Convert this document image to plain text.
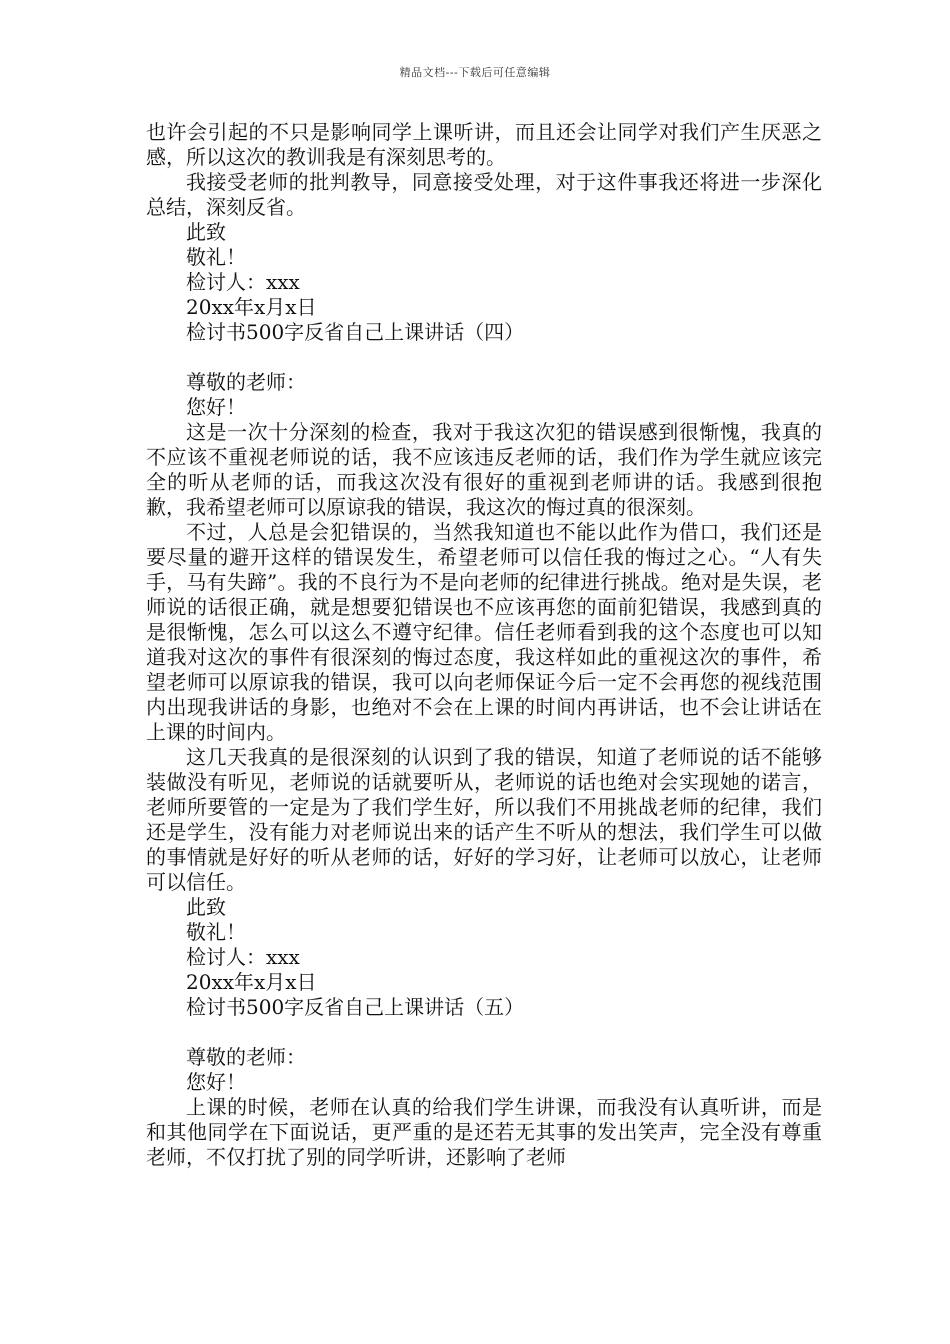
精品文档---下载后可任意编辑

也许会引起的不只是影响同学上课听讲，而且还会让同学对我们产生厌恶之感，所以这次的教训我是有深刻思考的。

我接受老师的批判教导，同意接受处理，对于这件事我还将进一步深化总结，深刻反省。

此致

敬礼！

检讨人：xxx

20xx年x月x日

检讨书500字反省自己上课讲话（四）

尊敬的老师：

您好！

这是一次十分深刻的检查，我对于我这次犯的错误感到很惭愧，我真的不应该不重视老师说的话，我不应该违反老师的话，我们作为学生就应该完全的听从老师的话，而我这次没有很好的重视到老师讲的话。我感到很抱歉，我希望老师可以原谅我的错误，我这次的悔过真的很深刻。

不过，人总是会犯错误的，当然我知道也不能以此作为借口，我们还是要尽量的避开这样的错误发生，希望老师可以信任我的悔过之心。“人有失手，马有失蹄”。我的不良行为不是向老师的纪律进行挑战。绝对是失误，老师说的话很正确，就是想要犯错误也不应该再您的面前犯错误，我感到真的是很惭愧，怎么可以这么不遵守纪律。信任老师看到我的这个态度也可以知道我对这次的事件有很深刻的悔过态度，我这样如此的重视这次的事件，希望老师可以原谅我的错误，我可以向老师保证今后一定不会再您的视线范围内出现我讲话的身影，也绝对不会在上课的时间内再讲话，也不会让讲话在上课的时间内。

这几天我真的是很深刻的认识到了我的错误，知道了老师说的话不能够装做没有听见，老师说的话就要听从，老师说的话也绝对会实现她的诺言，老师所要管的一定是为了我们学生好，所以我们不用挑战老师的纪律，我们还是学生，没有能力对老师说出来的话产生不听从的想法，我们学生可以做的事情就是好好的听从老师的话，好好的学习好，让老师可以放心，让老师可以信任。

此致

敬礼！

检讨人：xxx

20xx年x月x日

检讨书500字反省自己上课讲话（五）

尊敬的老师：

您好！

上课的时候，老师在认真的给我们学生讲课，而我没有认真听讲，而是和其他同学在下面说话，更严重的是还若无其事的发出笑声，完全没有尊重老师，不仅打扰了别的同学听讲，还影响了老师
